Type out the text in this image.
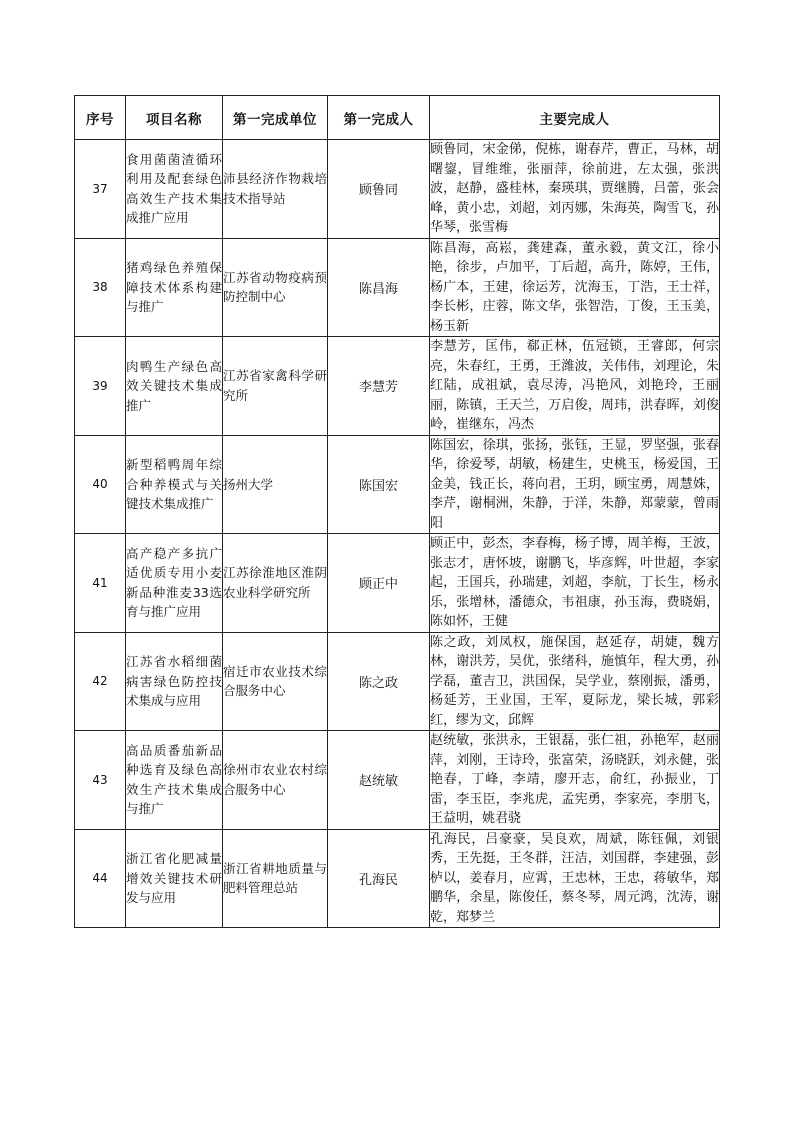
序号	项目名称	第一完成单位	第一完成人	主要完成人
37	食用菌菌渣循环利用及配套绿色高效生产技术集成推广应用	沛县经济作物栽培技术指导站	顾鲁同	顾鲁同，宋金俤，倪栋，谢春芹，曹正，马林，胡曙鋆，冒维维，张丽萍，徐前进，左太强，张洪波，赵静，盛桂林，秦瑛琪，贾继腾，吕蕾，张会峰，黄小忠，刘超，刘丙娜，朱海英，陶雪飞，孙华琴，张雪梅
38	猪鸡绿色养殖保障技术体系构建与推广	江苏省动物疫病预防控制中心	陈昌海	陈昌海，高崧，龚建森，董永毅，黄文江，徐小艳，徐步，卢加平，丁后超，高升，陈婷，王伟，杨广本，王建，徐运芳，沈海玉，丁浩，王士祥，李长彬，庄蓉，陈文华，张智浩，丁俊，王玉美，杨玉新
39	肉鸭生产绿色高效关键技术集成推广	江苏省家禽科学研究所	李慧芳	李慧芳，匡伟，郗正林，伍冠锁，王睿郎，何宗亮，朱春红，王勇，王潍波，关伟伟，刘理论，朱红陆，成祖斌，袁尽涛，冯艳风，刘艳玲，王丽丽，陈镇，王天兰，万启俊，周玮，洪春晖，刘俊岭，崔继东，冯杰
40	新型稻鸭周年综合种养模式与关键技术集成推广	扬州大学	陈国宏	陈国宏，徐琪，张扬，张钰，王显，罗坚强，张春华，徐爱琴，胡敏，杨建生，史桃玉，杨爱国，王金美，钱正长，蒋向君，王玥，顾宝勇，周慧姝，李芹，谢桐洲，朱静，于洋，朱静，郑蒙蒙，曾雨阳
41	高产稳产多抗广适优质专用小麦新品种淮麦33选育与推广应用	江苏徐淮地区淮阴农业科学研究所	顾正中	顾正中，彭杰，李春梅，杨子博，周羊梅，王波，张志才，唐怀坡，谢鹏飞，毕彦辉，叶世超，李家起，王国兵，孙瑞建，刘超，李航，丁长生，杨永乐，张增林，潘德众，韦祖康，孙玉海，费晓娟，陈如怀，王健
42	江苏省水稻细菌病害绿色防控技术集成与应用	宿迁市农业技术综合服务中心	陈之政	陈之政，刘凤权，施保国，赵延存，胡婕，魏方林，谢洪芳，吴优，张绪科，施慎年，程大勇，孙学磊，董吉卫，洪国保，吴学业，蔡刚振，潘勇，杨延芳，王业国，王军，夏际龙，梁长城，郭彩红，缪为文，邱辉
43	高品质番茄新品种选育及绿色高效生产技术集成与推广	徐州市农业农村综合服务中心	赵统敏	赵统敏，张洪永，王银磊，张仁祖，孙艳军，赵丽萍，刘刚，王诗玲，张富荣，汤晓跃，刘永健，张艳春，丁峰，李靖，廖开志，俞红，孙振业，丁雷，李玉臣，李兆虎，孟宪勇，李家亮，李朋飞，王益明，姚君骁
44	浙江省化肥减量增效关键技术研发与应用	浙江省耕地质量与肥料管理总站	孔海民	孔海民，吕豪豪，吴良欢，周斌，陈钰佩，刘银秀，王先挺，王冬群，汪洁，刘国群，李建强，彭栌以，姜春月，应霄，王忠林，王忠，蒋敏华，郑鹏华，余星，陈俊任，蔡冬琴，周元鸿，沈涛，谢乾，郑梦兰
